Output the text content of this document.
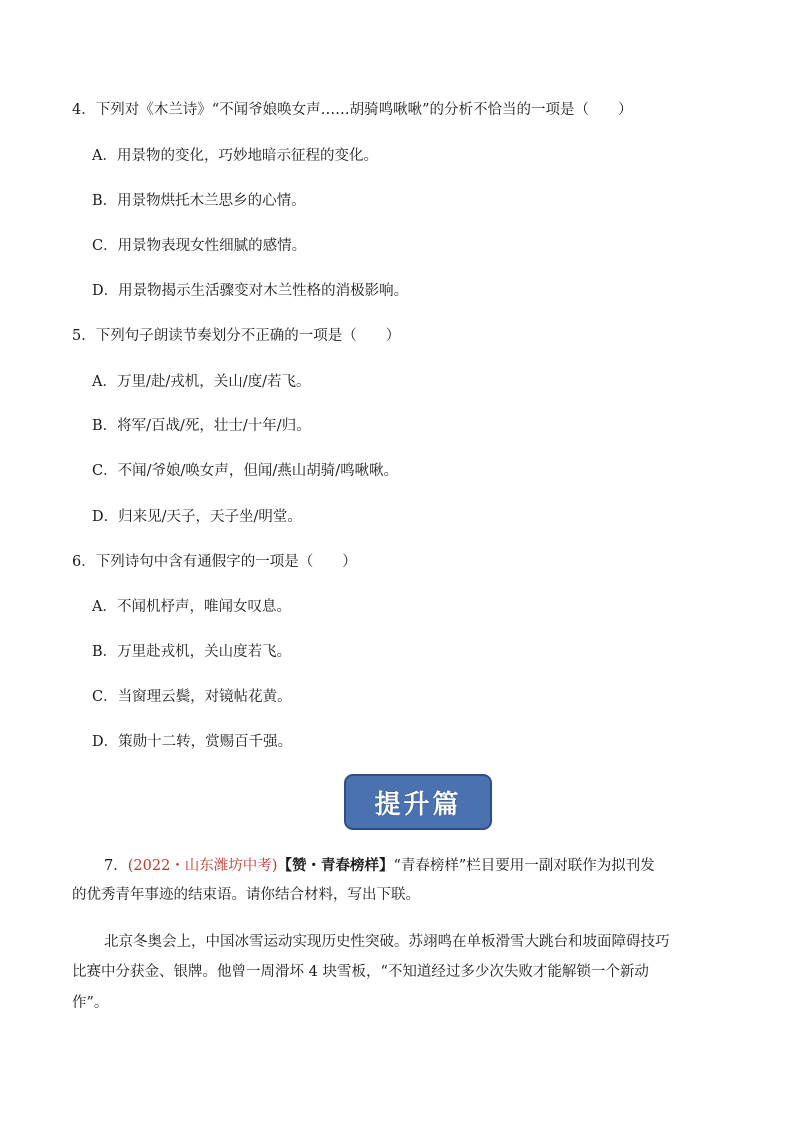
4．下列对《木兰诗》“不闻爷娘唤女声……胡骑鸣啾啾”的分析不恰当的一项是（　　）
A．用景物的变化，巧妙地暗示征程的变化。
B．用景物烘托木兰思乡的心情。
C．用景物表现女性细腻的感情。
D．用景物揭示生活骤变对木兰性格的消极影响。
5．下列句子朗读节奏划分不正确的一项是（　　）
A．万里/赴/戎机，关山/度/若飞。
B．将军/百战/死，壮士/十年/归。
C．不闻/爷娘/唤女声，但闻/燕山胡骑/鸣啾啾。
D．归来见/天子，天子坐/明堂。
6．下列诗句中含有通假字的一项是（　　）
A．不闻机杼声，唯闻女叹息。
B．万里赴戎机，关山度若飞。
C．当窗理云鬓，对镜帖花黄。
D．策勋十二转，赏赐百千强。
提升篇
7．(2022・山东潍坊中考)【赞・青春榜样】“青春榜样”栏目要用一副对联作为拟刊发
的优秀青年事迹的结束语。请你结合材料，写出下联。
北京冬奥会上，中国冰雪运动实现历史性突破。苏翊鸣在单板滑雪大跳台和坡面障碍技巧
比赛中分获金、银牌。他曾一周滑坏 4 块雪板，“不知道经过多少次失败才能解锁一个新动
作”。
